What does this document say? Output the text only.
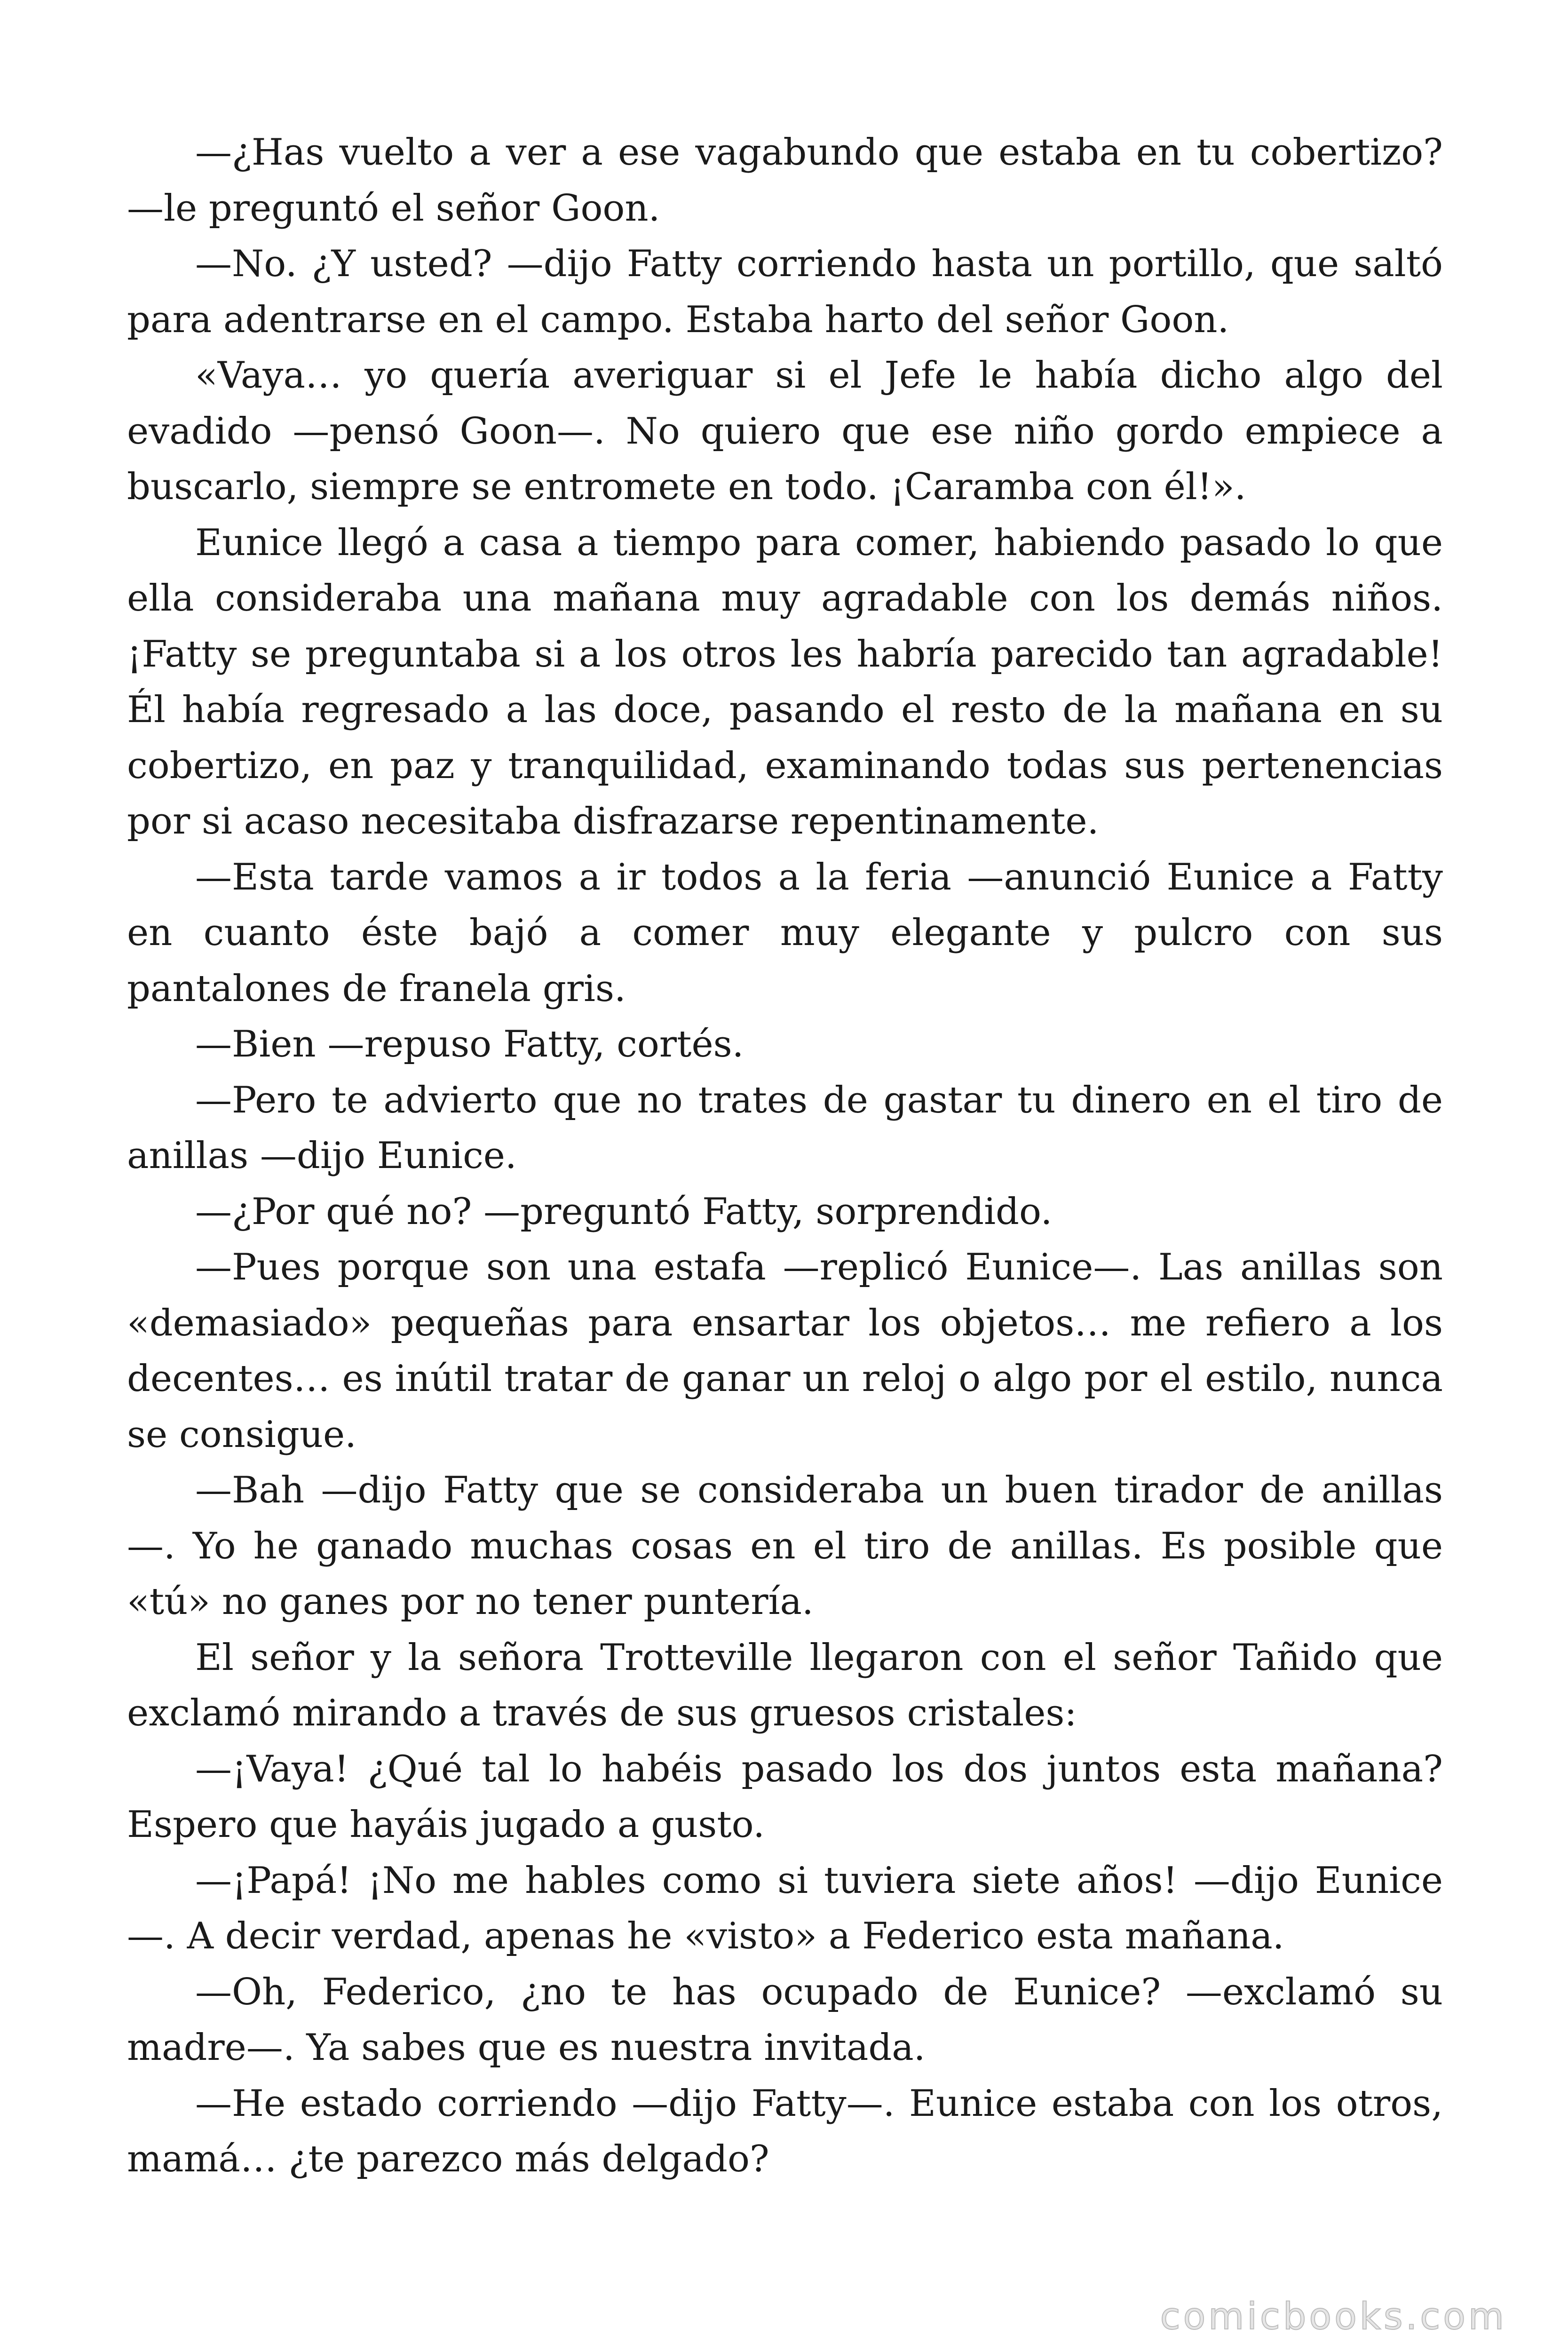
—¿Has vuelto a ver a ese vagabundo que estaba en tu cobertizo? —le preguntó el señor Goon.

—No. ¿Y usted? —dijo Fatty corriendo hasta un portillo, que saltó para adentrarse en el campo. Estaba harto del señor Goon.

«Vaya… yo quería averiguar si el Jefe le había dicho algo del evadido —pensó Goon—. No quiero que ese niño gordo empiece a buscarlo, siempre se entromete en todo. ¡Caramba con él!».

Eunice llegó a casa a tiempo para comer, habiendo pasado lo que ella consideraba una mañana muy agradable con los demás niños. ¡Fatty se preguntaba si a los otros les habría parecido tan agradable! Él había regresado a las doce, pasando el resto de la mañana en su cobertizo, en paz y tranquilidad, examinando todas sus pertenencias por si acaso necesitaba disfrazarse repentinamente.

—Esta tarde vamos a ir todos a la feria —anunció Eunice a Fatty en cuanto éste bajó a comer muy elegante y pulcro con sus pantalones de franela gris.

—Bien —repuso Fatty, cortés.

—Pero te advierto que no trates de gastar tu dinero en el tiro de anillas —dijo Eunice.

—¿Por qué no? —preguntó Fatty, sorprendido.

—Pues porque son una estafa —replicó Eunice—. Las anillas son «demasiado» pequeñas para ensartar los objetos… me refiero a los decentes… es inútil tratar de ganar un reloj o algo por el estilo, nunca se consigue.

—Bah —dijo Fatty que se consideraba un buen tirador de anillas —. Yo he ganado muchas cosas en el tiro de anillas. Es posible que «tú» no ganes por no tener puntería.

El señor y la señora Trotteville llegaron con el señor Tañido que exclamó mirando a través de sus gruesos cristales:

—¡Vaya! ¿Qué tal lo habéis pasado los dos juntos esta mañana? Espero que hayáis jugado a gusto.

—¡Papá! ¡No me hables como si tuviera siete años! —dijo Eunice —. A decir verdad, apenas he «visto» a Federico esta mañana.

—Oh, Federico, ¿no te has ocupado de Eunice? —exclamó su madre—. Ya sabes que es nuestra invitada.

—He estado corriendo —dijo Fatty—. Eunice estaba con los otros, mamá… ¿te parezco más delgado?

comicbooks.com
